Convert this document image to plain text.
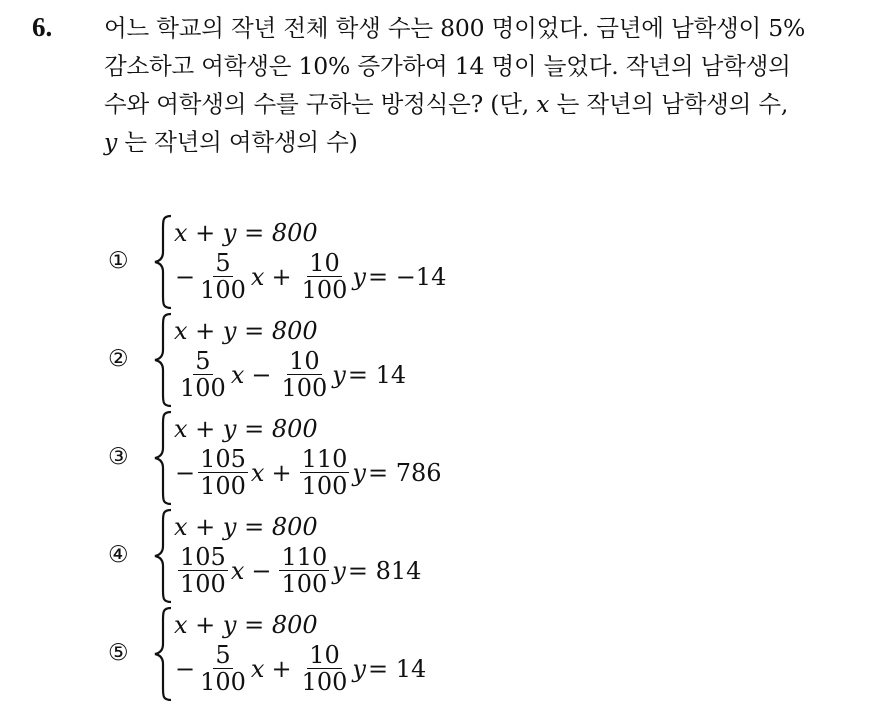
6. 어느 학교의 작년 전체 학생 수는 800 명이었다. 금년에 남학생이 5%
감소하고 여학생은 10% 증가하여 14 명이 늘었다. 작년의 남학생의
수와 여학생의 수를 구하는 방정식은? (단, x 는 작년의 남학생의 수,
y 는 작년의 여학생의 수)
①
x + y = 800
− $\frac{5}{100}$ $x + \frac{10}{100}$ y = −14
②
x + y = 800
$\frac{5}{100}$ $x - \frac{10}{100}$ y = 14
③
x + y = 800
− $\frac{105}{100}$ $x + \frac{110}{100}$ y = 786
④
x + y = 800
$\frac{105}{100}$ $x - \frac{110}{100}$ y = 814
⑤
x + y = 800
− $\frac{5}{100}$ $x + \frac{10}{100}$ y = 14
